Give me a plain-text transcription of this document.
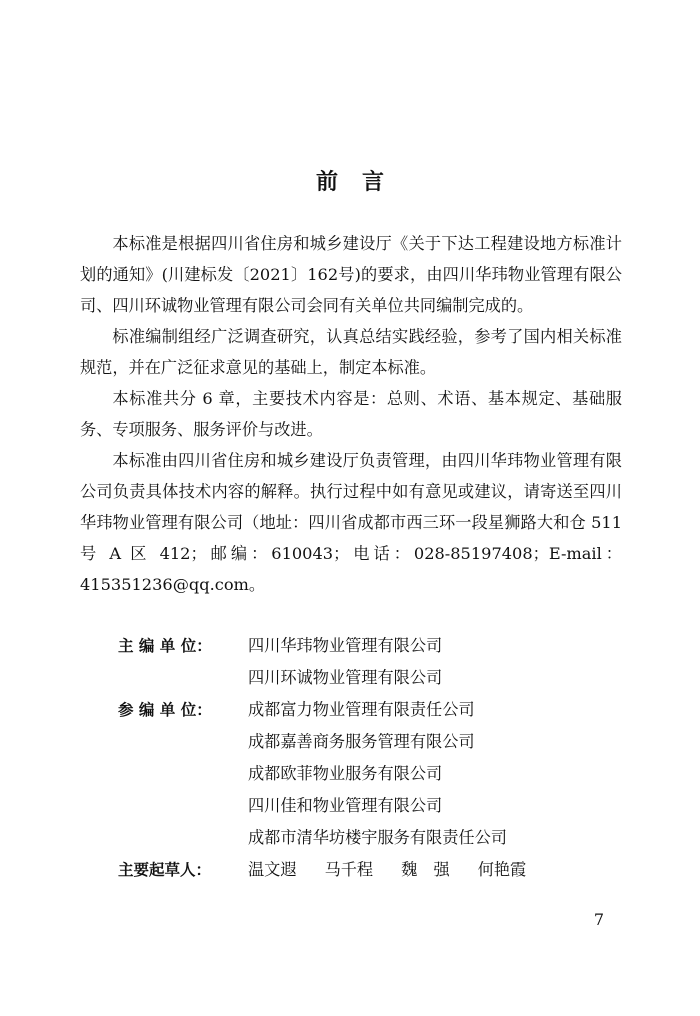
前 言

本标准是根据四川省住房和城乡建设厅《关于下达工程建设地方标准计划的通知》(川建标发〔2021〕162号)的要求，由四川华玮物业管理有限公司、四川环诚物业管理有限公司会同有关单位共同编制完成的。

标准编制组经广泛调查研究，认真总结实践经验，参考了国内相关标准规范，并在广泛征求意见的基础上，制定本标准。

本标准共分 6 章，主要技术内容是：总则、术语、基本规定、基础服务、专项服务、服务评价与改进。

本标准由四川省住房和城乡建设厅负责管理，由四川华玮物业管理有限公司负责具体技术内容的解释。执行过程中如有意见或建议，请寄送至四川华玮物业管理有限公司（地址：四川省成都市西三环一段星狮路大和仓 511 号 A 区 412；邮编：610043；电话：028-85197408；E-mail：415351236@qq.com。

主 编 单 位：	四川华玮物业管理有限公司
四川环诚物业管理有限公司
参 编 单 位：	成都富力物业管理有限责任公司
成都嘉善商务服务管理有限公司
成都欧菲物业服务有限公司
四川佳和物业管理有限公司
成都市清华坊楼宇服务有限责任公司
主要起草人：	温文遐 马千程 魏　强 何艳霞
7
